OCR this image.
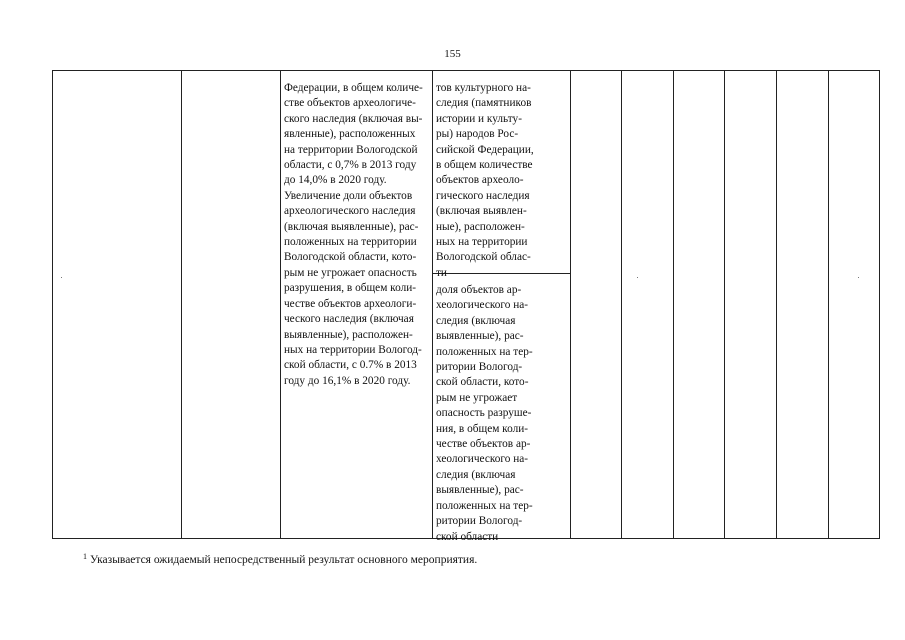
155
Федерации, в общем количе-
стве объектов археологиче-
ского наследия (включая вы-
явленные), расположенных
на территории Вологодской
области, с 0,7% в 2013 году
до 14,0% в 2020 году.
Увеличение доли объектов
археологического наследия
(включая выявленные), рас-
положенных на территории
Вологодской области, кото-
рым не угрожает опасность
разрушения, в общем коли-
честве объектов археологи-
ческого наследия (включая
выявленные), расположен-
ных на территории Вологод-
ской области, с 0.7% в 2013
году до 16,1% в 2020 году.
тов культурного на-
следия (памятников
истории и культу-
ры) народов Рос-
сийской Федерации,
в общем количестве
объектов археоло-
гического наследия
(включая выявлен-
ные), расположен-
ных на территории
Вологодской облас-
ти
доля объектов ар-
хеологического на-
следия (включая
выявленные), рас-
положенных на тер-
ритории Вологод-
ской области, кото-
рым не угрожает
опасность разруше-
ния, в общем коли-
честве объектов ар-
хеологического на-
следия (включая
выявленные), рас-
положенных на тер-
ритории Вологод-
ской области
$^1$ Указывается ожидаемый непосредственный результат основного мероприятия.
